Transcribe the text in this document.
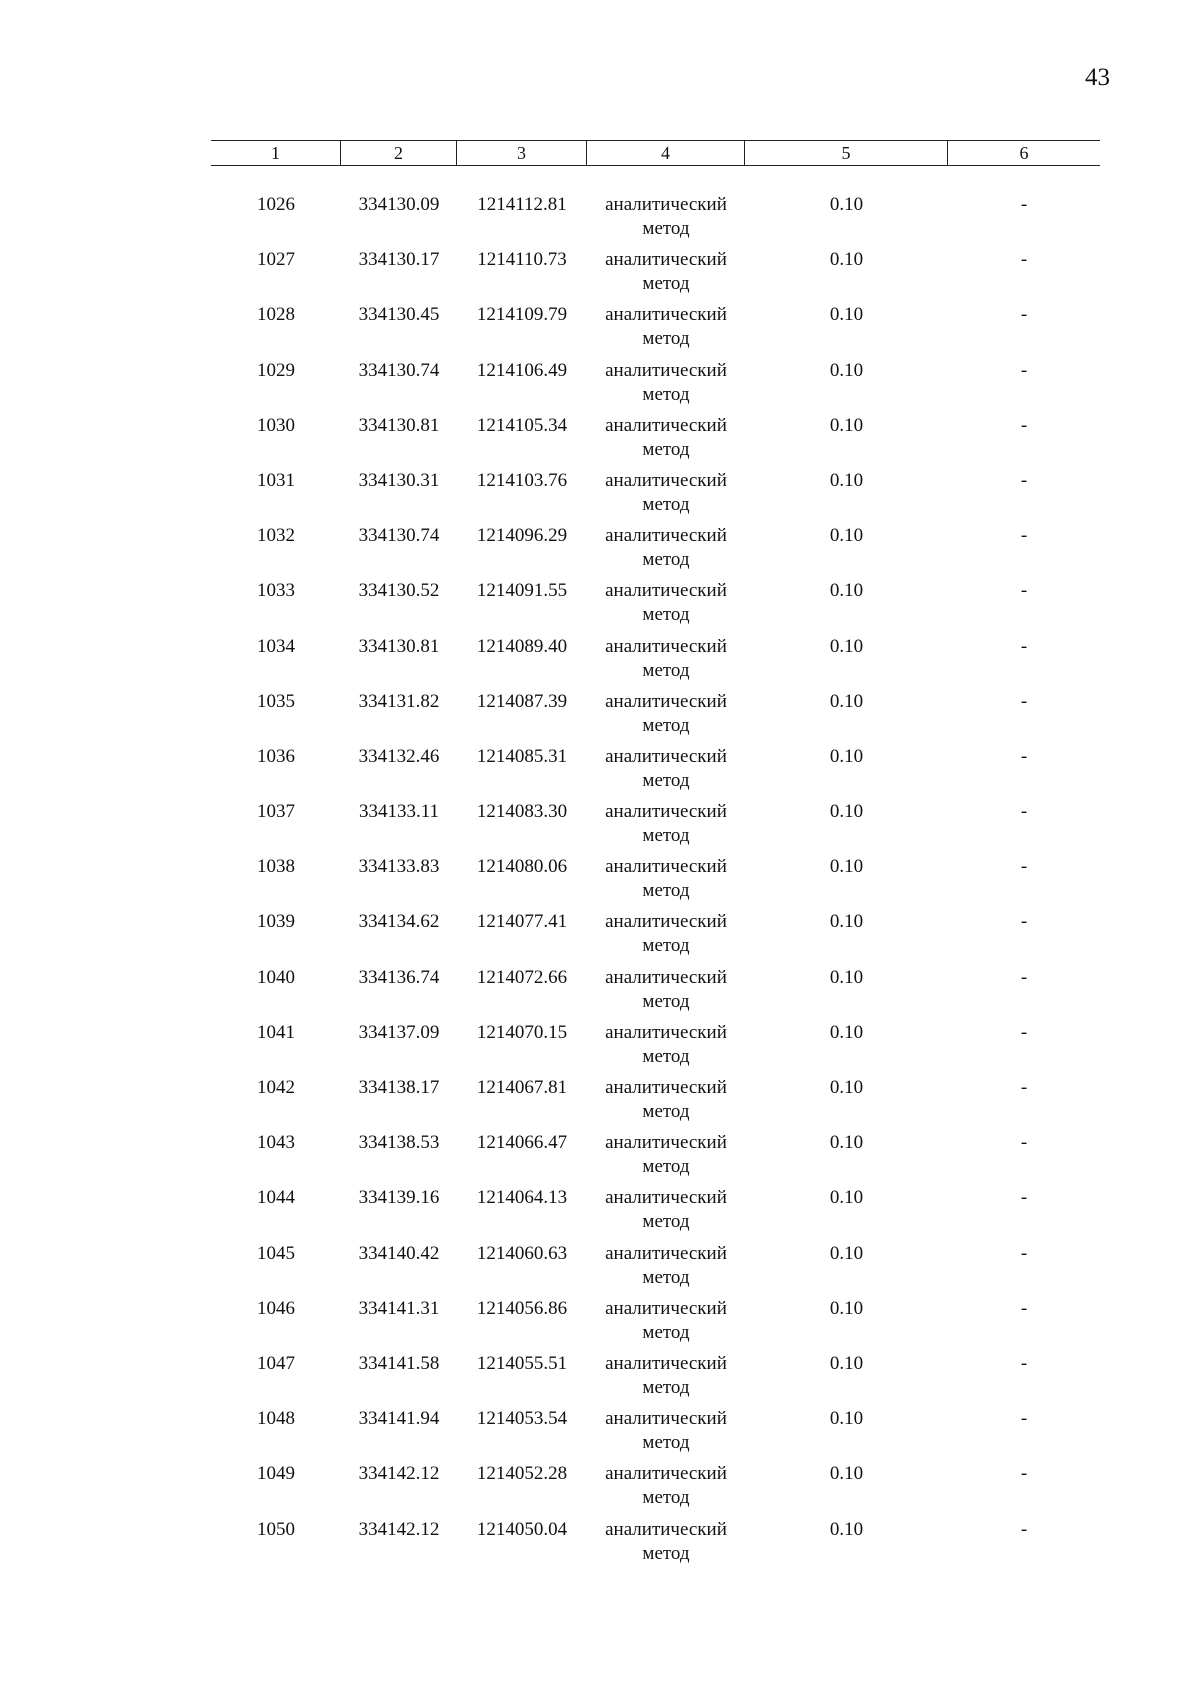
43
1	2	3	4	5	6
1026	334130.09	1214112.81	аналитический
метод
0.10	-
1027	334130.17	1214110.73	аналитический
метод
0.10	-
1028	334130.45	1214109.79	аналитический
метод
0.10	-
1029	334130.74	1214106.49	аналитический
метод
0.10	-
1030	334130.81	1214105.34	аналитический
метод
0.10	-
1031	334130.31	1214103.76	аналитический
метод
0.10	-
1032	334130.74	1214096.29	аналитический
метод
0.10	-
1033	334130.52	1214091.55	аналитический
метод
0.10	-
1034	334130.81	1214089.40	аналитический
метод
0.10	-
1035	334131.82	1214087.39	аналитический
метод
0.10	-
1036	334132.46	1214085.31	аналитический
метод
0.10	-
1037	334133.11	1214083.30	аналитический
метод
0.10	-
1038	334133.83	1214080.06	аналитический
метод
0.10	-
1039	334134.62	1214077.41	аналитический
метод
0.10	-
1040	334136.74	1214072.66	аналитический
метод
0.10	-
1041	334137.09	1214070.15	аналитический
метод
0.10	-
1042	334138.17	1214067.81	аналитический
метод
0.10	-
1043	334138.53	1214066.47	аналитический
метод
0.10	-
1044	334139.16	1214064.13	аналитический
метод
0.10	-
1045	334140.42	1214060.63	аналитический
метод
0.10	-
1046	334141.31	1214056.86	аналитический
метод
0.10	-
1047	334141.58	1214055.51	аналитический
метод
0.10	-
1048	334141.94	1214053.54	аналитический
метод
0.10	-
1049	334142.12	1214052.28	аналитический
метод
0.10	-
1050	334142.12	1214050.04	аналитический
метод
0.10	-
